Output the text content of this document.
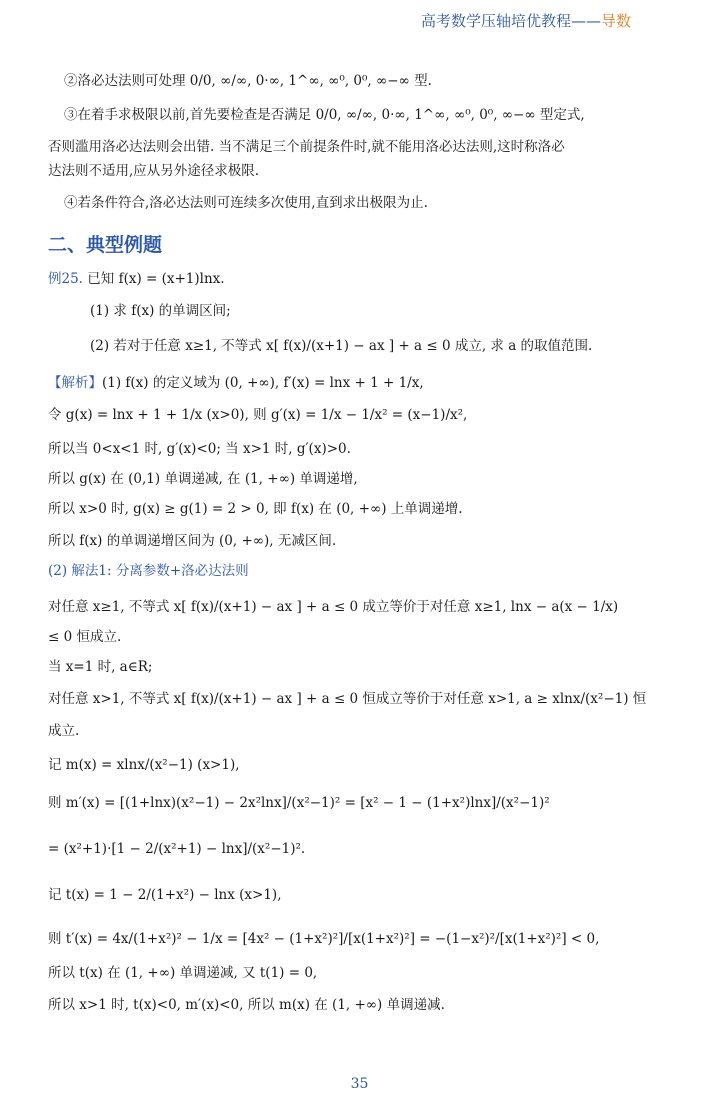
高考数学压轴培优教程——导数
②洛必达法则可处理 0/0, ∞/∞, 0·∞, 1^∞, ∞⁰, 0⁰, ∞−∞ 型.
③在着手求极限以前,首先要检查是否满足 0/0, ∞/∞, 0·∞, 1^∞, ∞⁰, 0⁰, ∞−∞ 型定式,
否则滥用洛必达法则会出错. 当不满足三个前提条件时,就不能用洛必达法则,这时称洛必
达法则不适用,应从另外途径求极限.
④若条件符合,洛必达法则可连续多次使用,直到求出极限为止.
二、典型例题
例25. 已知 f(x) = (x+1)lnx.
(1) 求 f(x) 的单调区间;
(2) 若对于任意 x≥1, 不等式 x[ f(x)/(x+1) − ax ] + a ≤ 0 成立, 求 a 的取值范围.
【解析】(1) f(x) 的定义域为 (0, +∞), f′(x) = lnx + 1 + 1/x,
令 g(x) = lnx + 1 + 1/x (x>0), 则 g′(x) = 1/x − 1/x² = (x−1)/x²,
所以当 0<x<1 时, g′(x)<0; 当 x>1 时, g′(x)>0.
所以 g(x) 在 (0,1) 单调递减, 在 (1, +∞) 单调递增,
所以 x>0 时, g(x) ≥ g(1) = 2 > 0, 即 f(x) 在 (0, +∞) 上单调递增.
所以 f(x) 的单调递增区间为 (0, +∞), 无减区间.
(2) 解法1: 分离参数+洛必达法则
对任意 x≥1, 不等式 x[ f(x)/(x+1) − ax ] + a ≤ 0 成立等价于对任意 x≥1, lnx − a(x − 1/x)
≤ 0 恒成立.
当 x=1 时, a∈R;
对任意 x>1, 不等式 x[ f(x)/(x+1) − ax ] + a ≤ 0 恒成立等价于对任意 x>1, a ≥ xlnx/(x²−1) 恒
成立.
记 m(x) = xlnx/(x²−1) (x>1),
则 m′(x) = [(1+lnx)(x²−1) − 2x²lnx]/(x²−1)² = [x² − 1 − (1+x²)lnx]/(x²−1)²
= (x²+1)·[1 − 2/(x²+1) − lnx]/(x²−1)².
记 t(x) = 1 − 2/(1+x²) − lnx (x>1),
则 t′(x) = 4x/(1+x²)² − 1/x = [4x² − (1+x²)²]/[x(1+x²)²] = −(1−x²)²/[x(1+x²)²] < 0,
所以 t(x) 在 (1, +∞) 单调递减, 又 t(1) = 0,
所以 x>1 时, t(x)<0, m′(x)<0, 所以 m(x) 在 (1, +∞) 单调递减.
35
